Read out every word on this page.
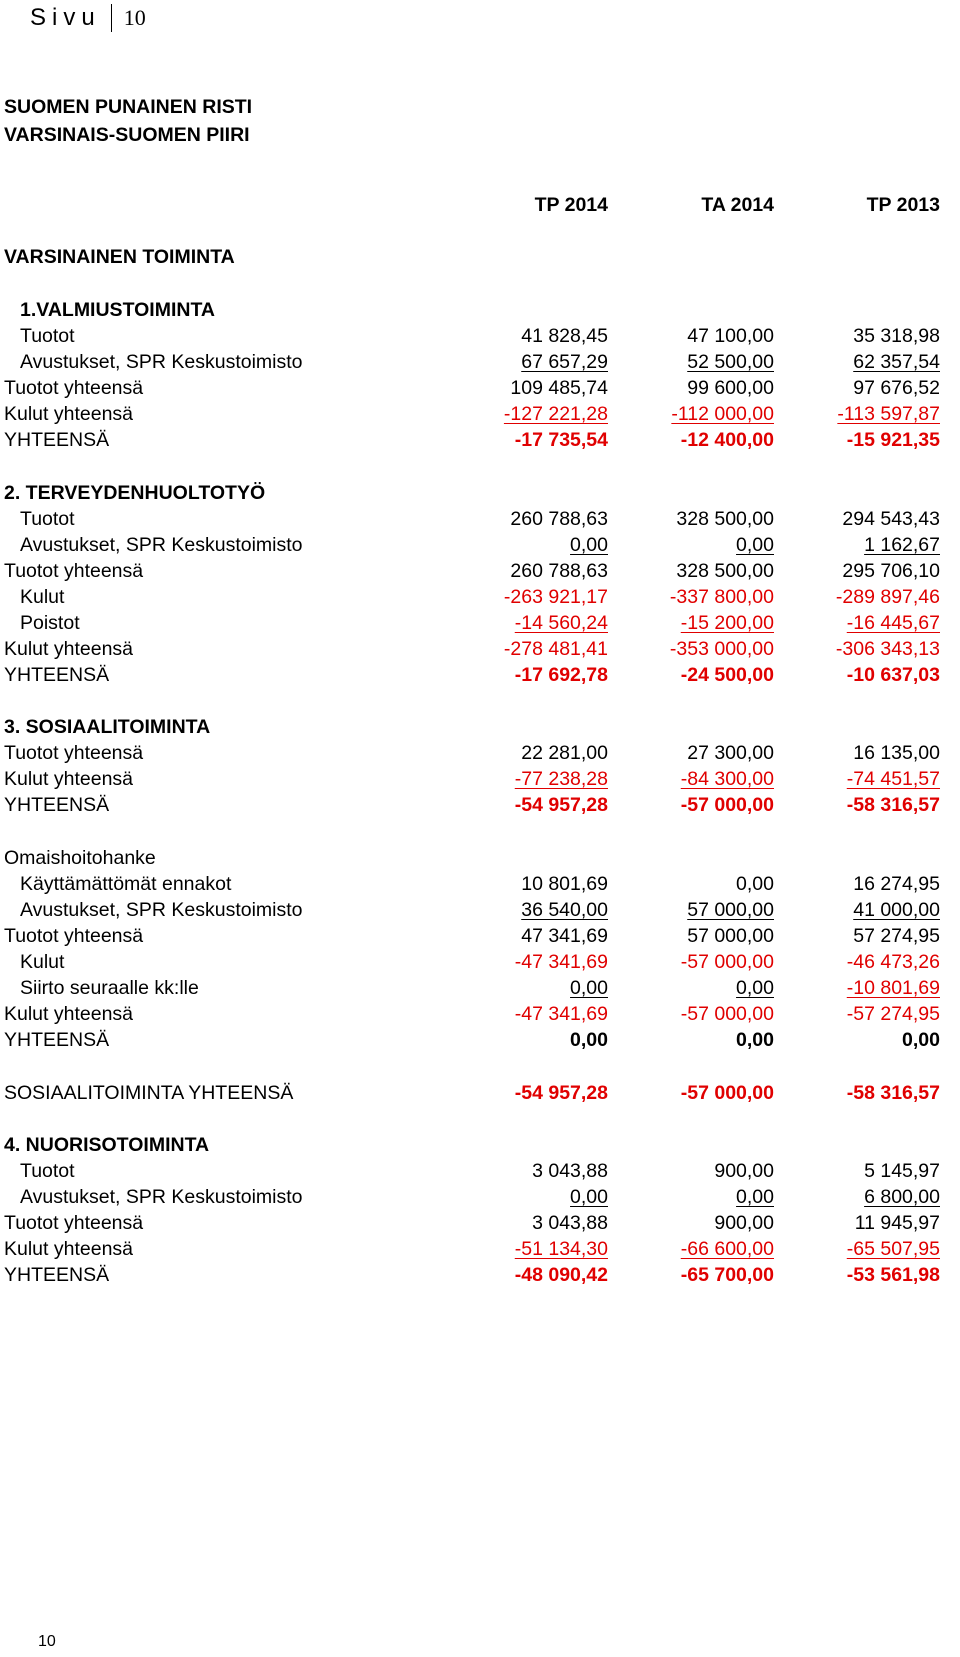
Sivu 10
SUOMEN PUNAINEN RISTI
VARSINAIS-SUOMEN PIIRI
TP 2014	TA 2014	TP 2013
VARSINAINEN TOIMINTA
1.VALMIUSTOIMINTA
Tuotot	41 828,45	47 100,00	35 318,98
Avustukset, SPR Keskustoimisto	67 657,29	52 500,00	62 357,54
Tuotot yhteensä	109 485,74	99 600,00	97 676,52
Kulut yhteensä	-127 221,28	-112 000,00	-113 597,87
YHTEENSÄ	-17 735,54	-12 400,00	-15 921,35
2. TERVEYDENHUOLTOTYÖ
Tuotot	260 788,63	328 500,00	294 543,43
Avustukset, SPR Keskustoimisto	0,00	0,00	1 162,67
Tuotot yhteensä	260 788,63	328 500,00	295 706,10
Kulut	-263 921,17	-337 800,00	-289 897,46
Poistot	-14 560,24	-15 200,00	-16 445,67
Kulut yhteensä	-278 481,41	-353 000,00	-306 343,13
YHTEENSÄ	-17 692,78	-24 500,00	-10 637,03
3. SOSIAALITOIMINTA
Tuotot yhteensä	22 281,00	27 300,00	16 135,00
Kulut yhteensä	-77 238,28	-84 300,00	-74 451,57
YHTEENSÄ	-54 957,28	-57 000,00	-58 316,57
Omaishoitohanke
Käyttämättömät ennakot	10 801,69	0,00	16 274,95
Avustukset, SPR Keskustoimisto	36 540,00	57 000,00	41 000,00
Tuotot yhteensä	47 341,69	57 000,00	57 274,95
Kulut	-47 341,69	-57 000,00	-46 473,26
Siirto seuraalle kk:lle	0,00	0,00	-10 801,69
Kulut yhteensä	-47 341,69	-57 000,00	-57 274,95
YHTEENSÄ	0,00	0,00	0,00
SOSIAALITOIMINTA YHTEENSÄ	-54 957,28	-57 000,00	-58 316,57
4. NUORISOTOIMINTA
Tuotot	3 043,88	900,00	5 145,97
Avustukset, SPR Keskustoimisto	0,00	0,00	6 800,00
Tuotot yhteensä	3 043,88	900,00	11 945,97
Kulut yhteensä	-51 134,30	-66 600,00	-65 507,95
YHTEENSÄ	-48 090,42	-65 700,00	-53 561,98
10
